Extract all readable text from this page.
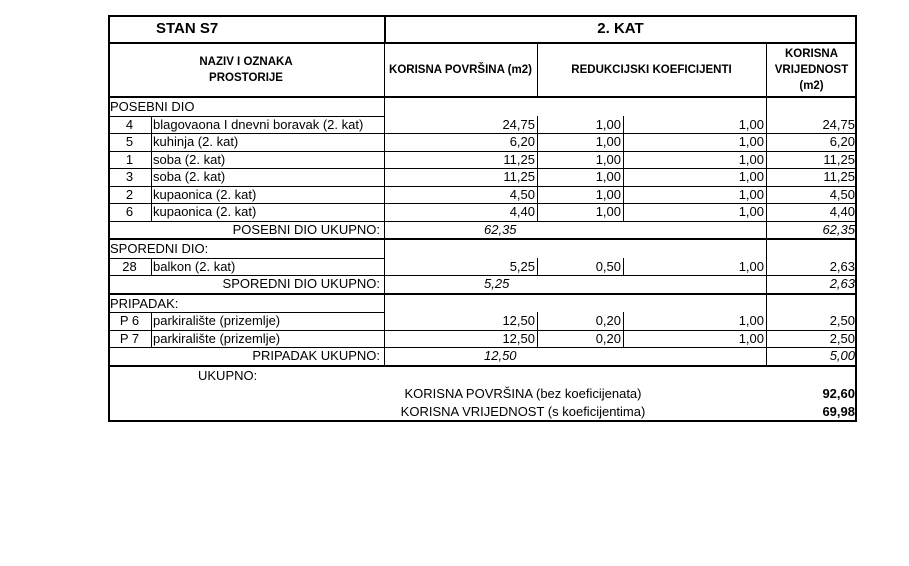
STAN S7	2. KAT
NAZIV I OZNAKA PROSTORIJE
KORISNA POVRŠINA (m2)	REDUKCIJSKI KOEFICIJENTI
KORISNA VRIJEDNOST (m2)
POSEBNI DIO
4	blagovaona I dnevni boravak (2. kat)	24,75	1,00	1,00	24,75
5	kuhinja (2. kat)	6,20	1,00	1,00	6,20
1	soba (2. kat)	11,25	1,00	1,00	11,25
3	soba (2. kat)	11,25	1,00	1,00	11,25
2	kupaonica (2. kat)	4,50	1,00	1,00	4,50
6	kupaonica (2. kat)	4,40	1,00	1,00	4,40
POSEBNI DIO UKUPNO:	62,35	62,35
SPOREDNI DIO:
28	balkon (2. kat)	5,25	0,50	1,00	2,63
SPOREDNI DIO UKUPNO:	5,25	2,63
PRIPADAK:
P 6	parkiralište (prizemlje)	12,50	0,20	1,00	2,50
P 7	parkiralište (prizemlje)	12,50	0,20	1,00	2,50
PRIPADAK UKUPNO:	12,50	5,00
UKUPNO:
KORISNA POVRŠINA (bez koeficijenata)	92,60
KORISNA VRIJEDNOST (s koeficijentima)	69,98
